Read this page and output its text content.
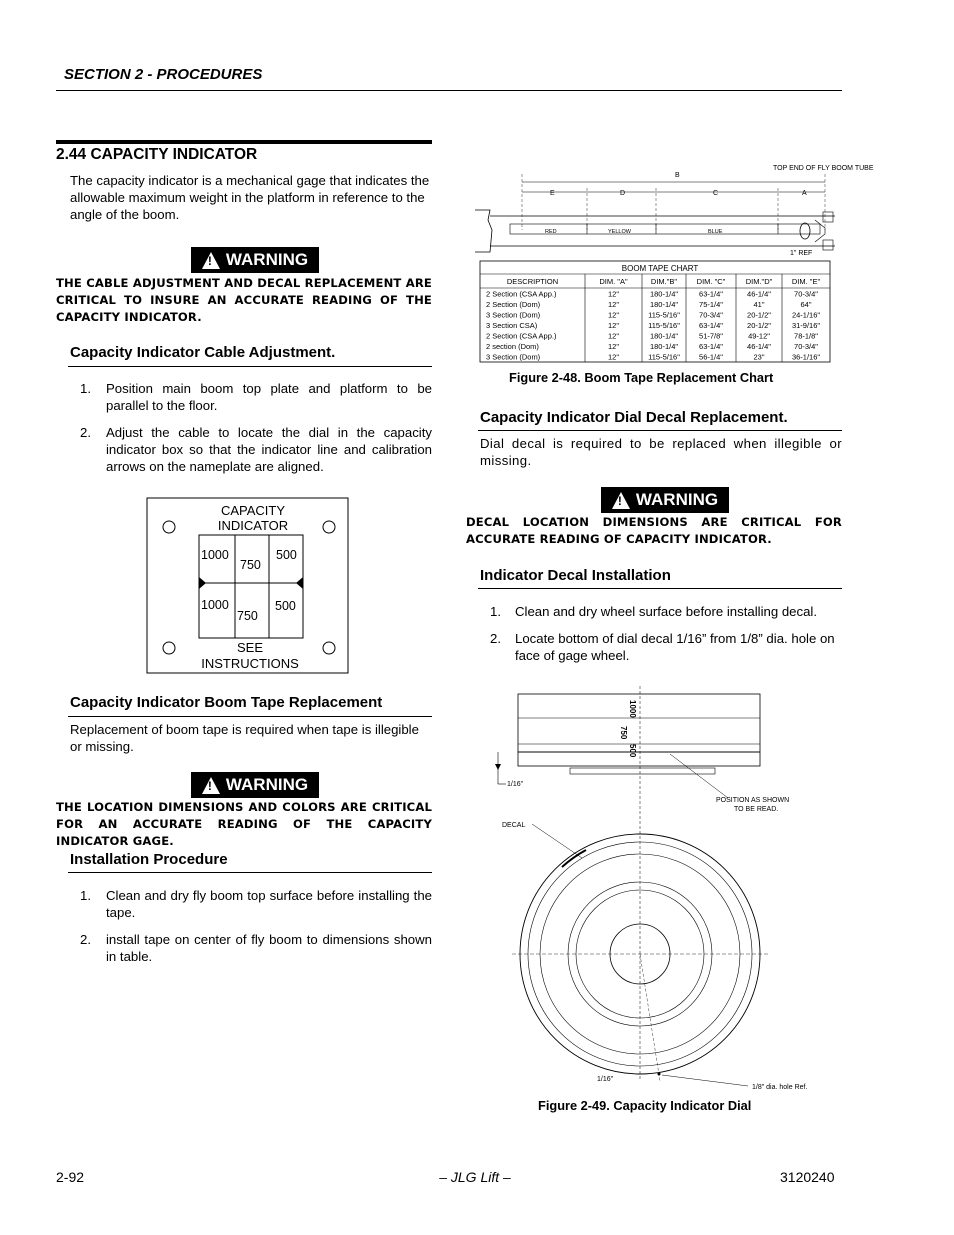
SECTION 2 - PROCEDURES
2.44 CAPACITY INDICATOR
The capacity indicator is a mechanical gage that indicates the allowable maximum weight in the platform in reference to the angle of the boom.
! WARNING
THE CABLE ADJUSTMENT AND DECAL REPLACEMENT ARE CRITICAL TO INSURE AN ACCURATE READING OF THE CAPACITY INDICATOR.
Capacity Indicator Cable Adjustment.
1. Position main boom top plate and platform to be parallel to the floor.
2. Adjust the cable to locate the dial in the capacity indicator box so that the indicator line and calibration arrows on the nameplate are aligned.
CAPACITY
INDICATOR
1000
750
500
1000
750
500
SEE
INSTRUCTIONS
Capacity Indicator Boom Tape Replacement
Replacement of boom tape is required when tape is illegible or missing.
! WARNING
THE LOCATION DIMENSIONS AND COLORS ARE CRITICAL FOR AN ACCURATE READING OF THE CAPACITY INDICATOR GAGE.
Installation Procedure
1. Clean and dry fly boom top surface before installing the tape.
2. install tape on center of fly boom to dimensions shown in table.
TOP END OF FLY BOOM TUBE
B
E	D	C	A
RED	YELLOW	BLUE
1" REF
BOOM TAPE CHART
DESCRIPTION	DIM. "A"	DIM."B"	DIM. "C"	DIM."D"	DIM. "E"
2 Section (CSA App.)	12"	180-1/4"	63-1/4"	46-1/4"	70-3/4"
2 Section (Dom)	12"	180-1/4"	75-1/4"	41"	64"
3 Section (Dom)	12"	115-5/16"	70-3/4"	20-1/2"	24-1/16"
3 Section CSA)	12"	115-5/16"	63-1/4"	20-1/2"	31-9/16"
2 Section (CSA App.)	12"	180-1/4"	51-7/8"	49-12"	78-1/8"
2 section (Dom)	12"	180-1/4"	63-1/4"	46-1/4"	70-3/4"
3 Section (Dom)	12"	115-5/16"	56-1/4"	23"	36-1/16"
Figure 2-48. Boom Tape Replacement Chart
Capacity Indicator Dial Decal Replacement.
Dial decal is required to be replaced when illegible or missing.
! WARNING
DECAL LOCATION DIMENSIONS ARE CRITICAL FOR ACCURATE READING OF CAPACITY INDICATOR.
Indicator Decal Installation
1. Clean and dry wheel surface before installing decal.
2. Locate bottom of dial decal 1/16” from 1/8” dia. hole on face of gage wheel.
1000
750
500
1/16"
POSITION AS SHOWN
TO BE READ.
DECAL
1/16"
1/8" dia. hole Ref.
Figure 2-49. Capacity Indicator Dial
2-92	– JLG Lift –	3120240
